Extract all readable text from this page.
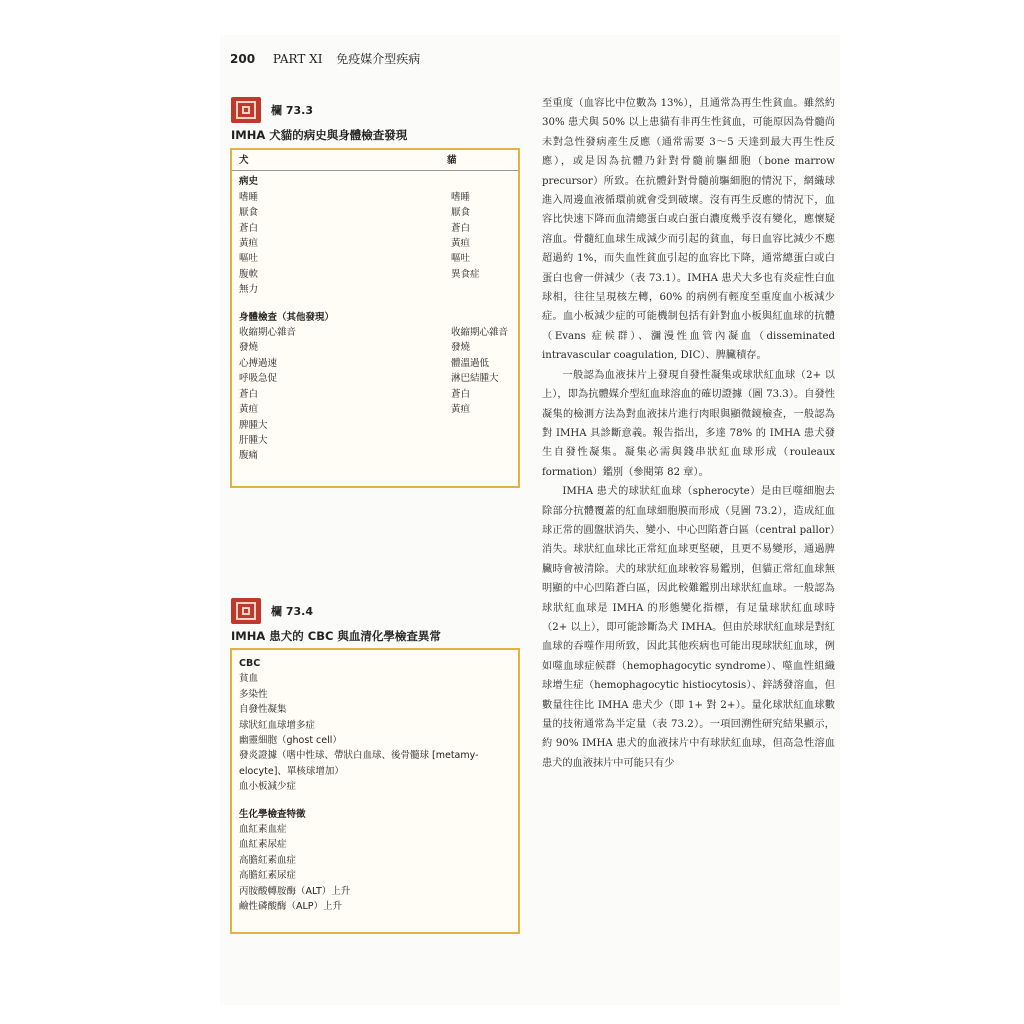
200 PART XI 免疫媒介型疾病
欄 73.3
IMHA 犬貓的病史與身體檢查發現
犬	貓
病史
嗜睡	嗜睡
厭食	厭食
蒼白	蒼白
黃疸	黃疸
嘔吐	嘔吐
腹軟	異食症
無力
身體檢查（其他發現）
收縮期心雜音	收縮期心雜音
發燒	發燒
心搏過速	體溫過低
呼吸急促	淋巴結腫大
蒼白	蒼白
黃疸	黃疸
脾腫大
肝腫大
腹痛
欄 73.4
IMHA 患犬的 CBC 與血清化學檢查異常
CBC
貧血
多染性
自發性凝集
球狀紅血球增多症
幽靈細胞（ghost cell）
發炎證據（嗜中性球、帶狀白血球、後骨髓球 [metamy-
elocyte]、單核球增加）
血小板減少症
生化學檢查特徵
血紅素血症
血紅素尿症
高膽紅素血症
高膽紅素尿症
丙胺酸轉胺酶（ALT）上升
鹼性磷酸酶（ALP）上升

至重度（血容比中位數為 13%），且通常為再生性貧血。雖然約 30% 患犬與 50% 以上患貓有非再生性貧血，可能原因為骨髓尚未對急性發病產生反應（通常需要 3～5 天達到最大再生性反應），或是因為抗體乃針對骨髓前驅細胞（bone marrow precursor）所致。在抗體針對骨髓前驅細胞的情況下，網織球進入周邊血液循環前就會受到破壞。沒有再生反應的情況下，血容比快速下降而血清總蛋白或白蛋白濃度幾乎沒有變化，應懷疑溶血。骨髓紅血球生成減少而引起的貧血，每日血容比減少不應超過約 1%，而失血性貧血引起的血容比下降，通常總蛋白或白蛋白也會一併減少（表 73.1）。IMHA 患犬大多也有炎症性白血球相，往往呈現核左轉，60% 的病例有輕度至重度血小板減少症。血小板減少症的可能機制包括有針對血小板與紅血球的抗體（Evans 症候群）、瀰漫性血管內凝血（disseminated intravascular coagulation, DIC）、脾臟積存。

一般認為血液抹片上發現自發性凝集或球狀紅血球（2+ 以上），即為抗體媒介型紅血球溶血的確切證據（圖 73.3）。自發性凝集的檢測方法為對血液抹片進行肉眼與顯微鏡檢查，一般認為對 IMHA 具診斷意義。報告指出，多達 78% 的 IMHA 患犬發生自發性凝集。凝集必需與錢串狀紅血球形成（rouleaux formation）鑑別（參閱第 82 章）。

IMHA 患犬的球狀紅血球（spherocyte）是由巨噬細胞去除部分抗體覆蓋的紅血球細胞膜而形成（見圖 73.2），造成紅血球正常的圓盤狀消失、變小、中心凹陷蒼白區（central pallor）消失。球狀紅血球比正常紅血球更堅硬，且更不易變形，通過脾臟時會被清除。犬的球狀紅血球較容易鑑別，但貓正常紅血球無明顯的中心凹陷蒼白區，因此較難鑑別出球狀紅血球。一般認為球狀紅血球是 IMHA 的形態變化指標，有足量球狀紅血球時（2+ 以上），即可能診斷為犬 IMHA。但由於球狀紅血球是對紅血球的吞噬作用所致，因此其他疾病也可能出現球狀紅血球，例如噬血球症候群（hemophagocytic syndrome）、噬血性組織球增生症（hemophagocytic histiocytosis）、鋅誘發溶血，但數量往往比 IMHA 患犬少（即 1+ 對 2+）。量化球狀紅血球數量的技術通常為半定量（表 73.2）。一項回溯性研究結果顯示，約 90% IMHA 患犬的血液抹片中有球狀紅血球，但高急性溶血患犬的血液抹片中可能只有少
